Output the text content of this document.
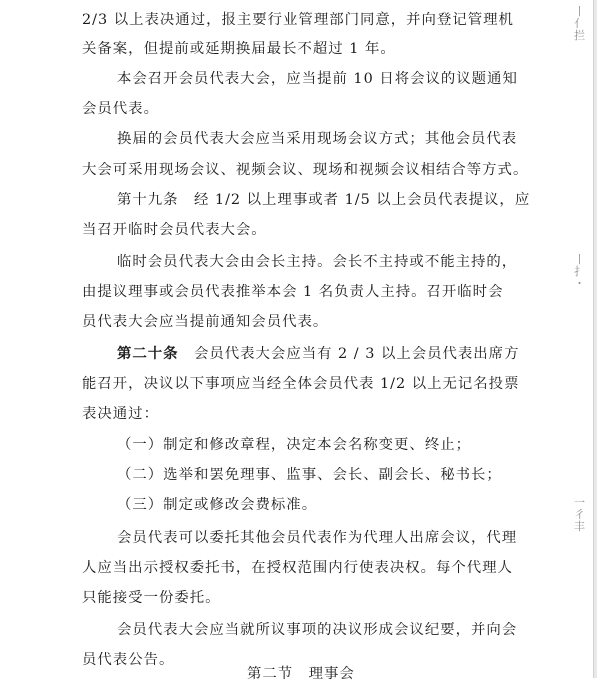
2/3 以上表决通过，报主要行业管理部门同意，并向登记管理机
关备案，但提前或延期换届最长不超过 1 年。
本会召开会员代表大会，应当提前 10 日将会议的议题通知
会员代表。
换届的会员代表大会应当采用现场会议方式；其他会员代表
大会可采用现场会议、视频会议、现场和视频会议相结合等方式。
第十九条　经 1/2 以上理事或者 1/5 以上会员代表提议，应
当召开临时会员代表大会。
临时会员代表大会由会长主持。会长不主持或不能主持的，
由提议理事或会员代表推举本会 1 名负责人主持。召开临时会
员代表大会应当提前通知会员代表。
第二十条　会员代表大会应当有 2 / 3 以上会员代表出席方
能召开，决议以下事项应当经全体会员代表 1/2 以上无记名投票
表决通过：
（一）制定和修改章程，决定本会名称变更、终止；
（二）选举和罢免理事、监事、会长、副会长、秘书长；
（三）制定或修改会费标准。
会员代表可以委托其他会员代表作为代理人出席会议，代理
人应当出示授权委托书，在授权范围内行使表决权。每个代理人
只能接受一份委托。
会员代表大会应当就所议事项的决议形成会议纪要，并向会
员代表公告。
第二节　理事会
丨 亻 拦
丨 扌 ・
一 彳 丰
